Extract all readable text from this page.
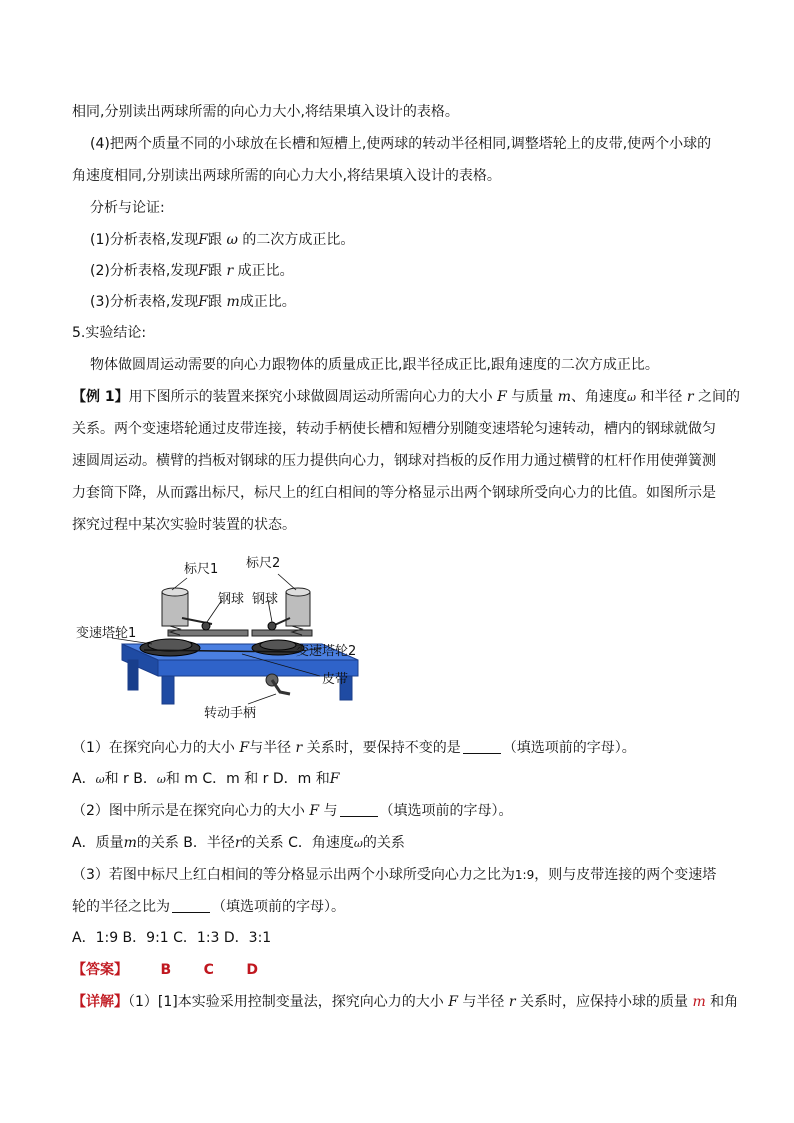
相同,分别读出两球所需的向心力大小,将结果填入设计的表格。
(4)把两个质量不同的小球放在长槽和短槽上,使两球的转动半径相同,调整塔轮上的皮带,使两个小球的
角速度相同,分别读出两球所需的向心力大小,将结果填入设计的表格。
分析与论证:
(1)分析表格,发现F跟 ω 的二次方成正比。
(2)分析表格,发现F跟 r 成正比。
(3)分析表格,发现F跟 m成正比。
5.实验结论:
物体做圆周运动需要的向心力跟物体的质量成正比,跟半径成正比,跟角速度的二次方成正比。
【例 1】用下图所示的装置来探究小球做圆周运动所需向心力的大小 F 与质量 m、角速度ω 和半径 r 之间的
关系。两个变速塔轮通过皮带连接，转动手柄使长槽和短槽分别随变速塔轮匀速转动，槽内的钢球就做匀
速圆周运动。横臂的挡板对钢球的压力提供向心力，钢球对挡板的反作用力通过横臂的杠杆作用使弹簧测
力套筒下降，从而露出标尺，标尺上的红白相间的等分格显示出两个钢球所受向心力的比值。如图所示是
探究过程中某次实验时装置的状态。
标尺1 标尺2
钢球 钢球
变速塔轮1
变速塔轮2
皮带
转动手柄
（1）在探究向心力的大小 F与半径 r 关系时，要保持不变的是	（填选项前的字母）。
A．ω和 r B．ω和 m C．m 和 r D．m 和F
（2）图中所示是在探究向心力的大小 F 与	（填选项前的字母）。
A．质量m的关系 B．半径r的关系 C．角速度ω的关系
（3）若图中标尺上红白相间的等分格显示出两个小球所受向心力之比为1:9，则与皮带连接的两个变速塔
轮的半径之比为	（填选项前的字母）。
A．1:9 B．9:1 C．1:3 D．3:1
【答案】 B C D
【详解】（1）[1]本实验采用控制变量法，探究向心力的大小 F 与半径 r 关系时，应保持小球的质量 m 和角
